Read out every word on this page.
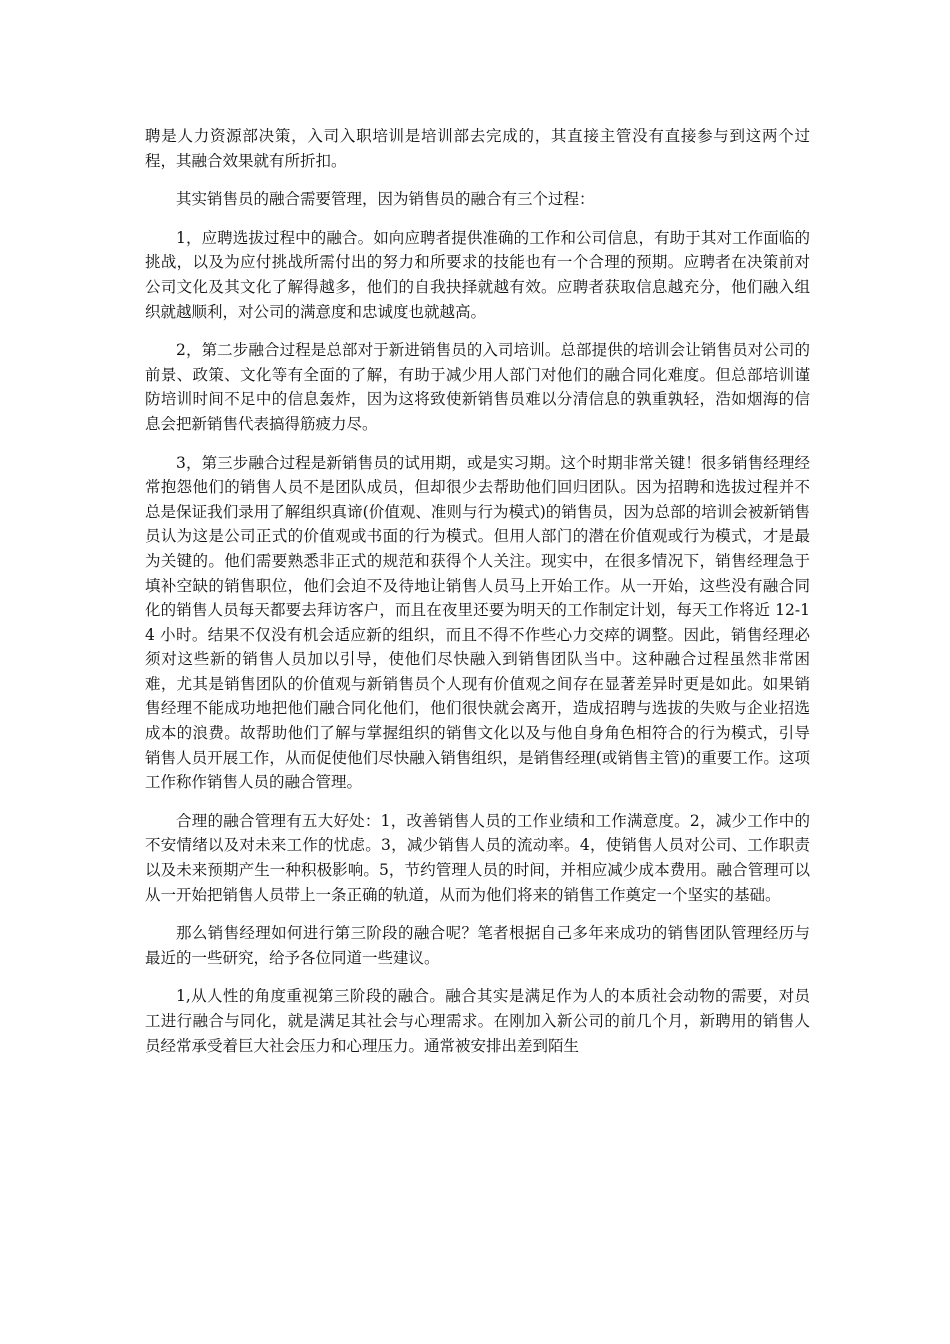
聘是人力资源部决策，入司入职培训是培训部去完成的，其直接主管没有直接参与到这两个过程，其融合效果就有所折扣。

其实销售员的融合需要管理，因为销售员的融合有三个过程：

1，应聘选拔过程中的融合。如向应聘者提供准确的工作和公司信息，有助于其对工作面临的挑战，以及为应付挑战所需付出的努力和所要求的技能也有一个合理的预期。应聘者在决策前对公司文化及其文化了解得越多，他们的自我抉择就越有效。应聘者获取信息越充分，他们融入组织就越顺利，对公司的满意度和忠诚度也就越高。

2，第二步融合过程是总部对于新进销售员的入司培训。总部提供的培训会让销售员对公司的前景、政策、文化等有全面的了解，有助于减少用人部门对他们的融合同化难度。但总部培训谨防培训时间不足中的信息轰炸，因为这将致使新销售员难以分清信息的孰重孰轻，浩如烟海的信息会把新销售代表搞得筋疲力尽。

3，第三步融合过程是新销售员的试用期，或是实习期。这个时期非常关键！很多销售经理经常抱怨他们的销售人员不是团队成员，但却很少去帮助他们回归团队。因为招聘和选拔过程并不总是保证我们录用了解组织真谛(价值观、准则与行为模式)的销售员，因为总部的培训会被新销售员认为这是公司正式的价值观或书面的行为模式。但用人部门的潜在价值观或行为模式，才是最为关键的。他们需要熟悉非正式的规范和获得个人关注。现实中，在很多情况下，销售经理急于填补空缺的销售职位，他们会迫不及待地让销售人员马上开始工作。从一开始，这些没有融合同化的销售人员每天都要去拜访客户，而且在夜里还要为明天的工作制定计划，每天工作将近 12-14 小时。结果不仅没有机会适应新的组织，而且不得不作些心力交瘁的调整。因此，销售经理必须对这些新的销售人员加以引导，使他们尽快融入到销售团队当中。这种融合过程虽然非常困难，尤其是销售团队的价值观与新销售员个人现有价值观之间存在显著差异时更是如此。如果销售经理不能成功地把他们融合同化他们，他们很快就会离开，造成招聘与选拔的失败与企业招选成本的浪费。故帮助他们了解与掌握组织的销售文化以及与他自身角色相符合的行为模式，引导销售人员开展工作，从而促使他们尽快融入销售组织，是销售经理(或销售主管)的重要工作。这项工作称作销售人员的融合管理。

合理的融合管理有五大好处：1，改善销售人员的工作业绩和工作满意度。2，减少工作中的不安情绪以及对未来工作的忧虑。3，减少销售人员的流动率。4，使销售人员对公司、工作职责以及未来预期产生一种积极影响。5，节约管理人员的时间，并相应减少成本费用。融合管理可以从一开始把销售人员带上一条正确的轨道，从而为他们将来的销售工作奠定一个坚实的基础。

那么销售经理如何进行第三阶段的融合呢？笔者根据自己多年来成功的销售团队管理经历与最近的一些研究，给予各位同道一些建议。

1,从人性的角度重视第三阶段的融合。融合其实是满足作为人的本质社会动物的需要，对员工进行融合与同化，就是满足其社会与心理需求。在刚加入新公司的前几个月，新聘用的销售人员经常承受着巨大社会压力和心理压力。通常被安排出差到陌生
